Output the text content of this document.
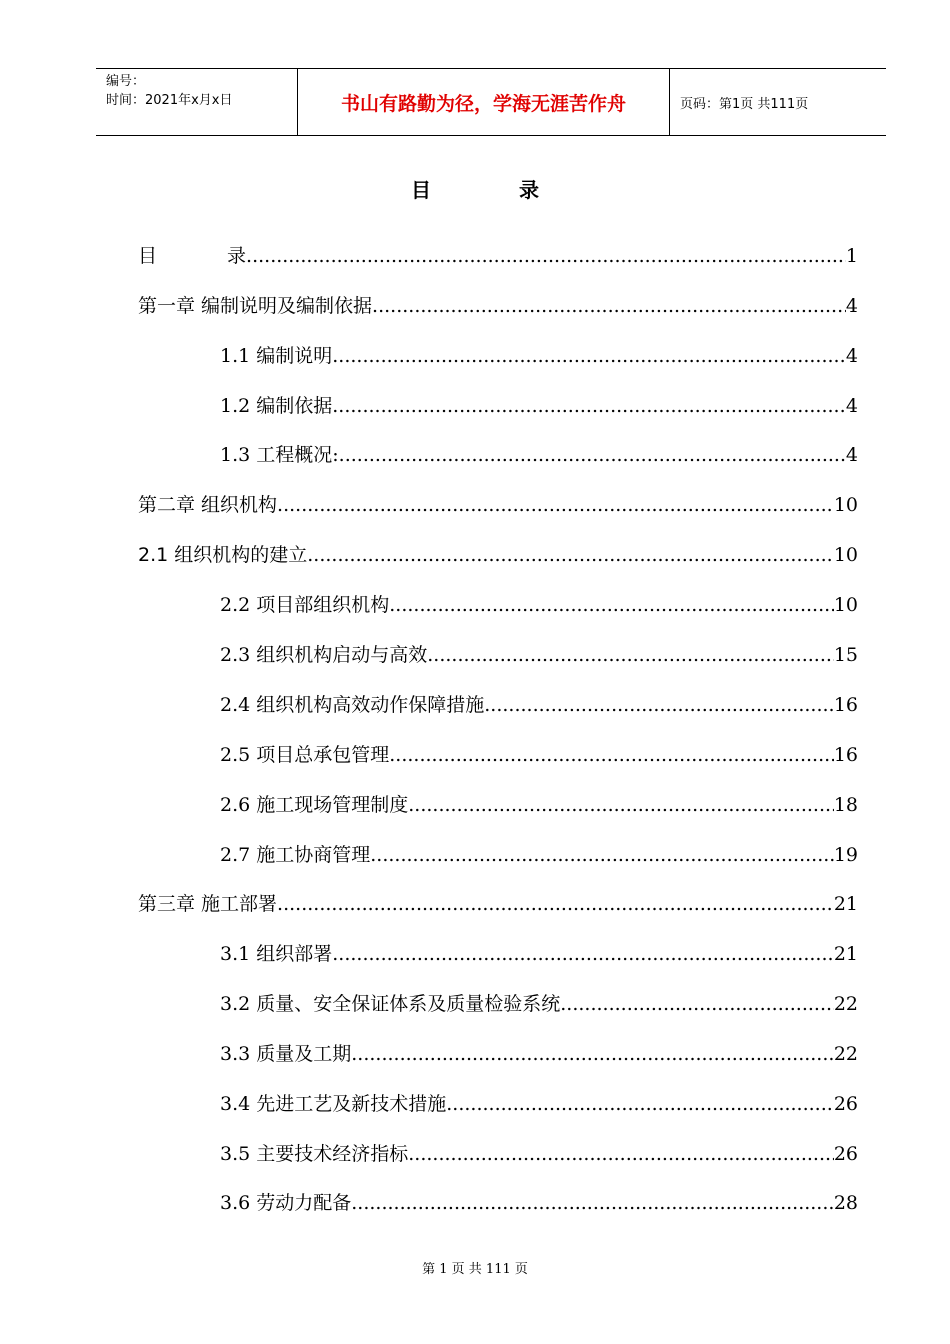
编号：
时间：2021年x月x日	书山有路勤为径，学海无涯苦作舟	页码：第1页 共111页
目	录
目	录 .....	1
第一章 编制说明及编制依据 .....	4
1.1 编制说明 .....	4
1.2 编制依据 .....	4
1.3 工程概况: .....	4
第二章 组织机构 .....	10
2.1 组织机构的建立 .....	10
2.2 项目部组织机构 .....	10
2.3 组织机构启动与高效 .....	15
2.4 组织机构高效动作保障措施 .....	16
2.5 项目总承包管理 .....	16
2.6 施工现场管理制度 .....	18
2.7 施工协商管理 .....	19
第三章 施工部署 .....	21
3.1 组织部署 .....	21
3.2 质量、安全保证体系及质量检验系统 .....	22
3.3 质量及工期 .....	22
3.4 先进工艺及新技术措施 .....	26
3.5 主要技术经济指标 .....	26
3.6 劳动力配备 .....	28
第 1 页 共 111 页
